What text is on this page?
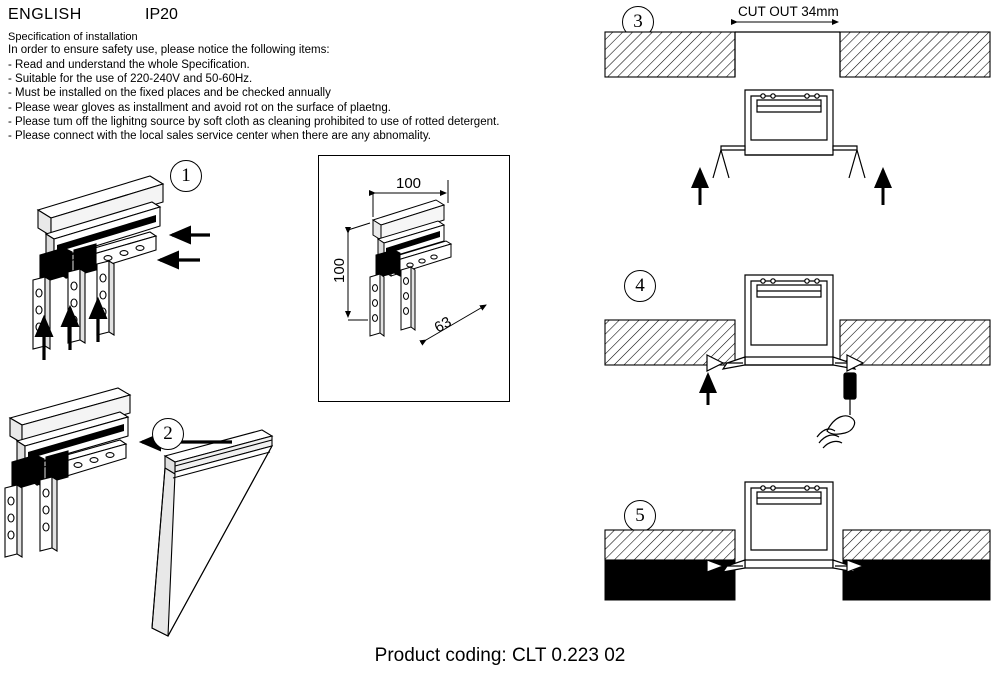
ENGLISH	IP20
Specification of installation
In order to ensure safety use, please notice the following items:
- Read and understand the whole Specification.
- Suitable for the use of 220-240V and 50-60Hz.
- Must be installed on the fixed places and be checked annually
- Please wear gloves as installment and avoid rot on the surface of plaetng.
- Please tum off the lighitng source by soft cloth as cleaning prohibited to use of rotted detergent.
- Please connect with the local sales service center when there are any abnomality.
1	100
100
63
2
3	CUT OUT 34mm
4
5
COVER 9mm	COVER 9mm
Product coding: CLT 0.223 02
